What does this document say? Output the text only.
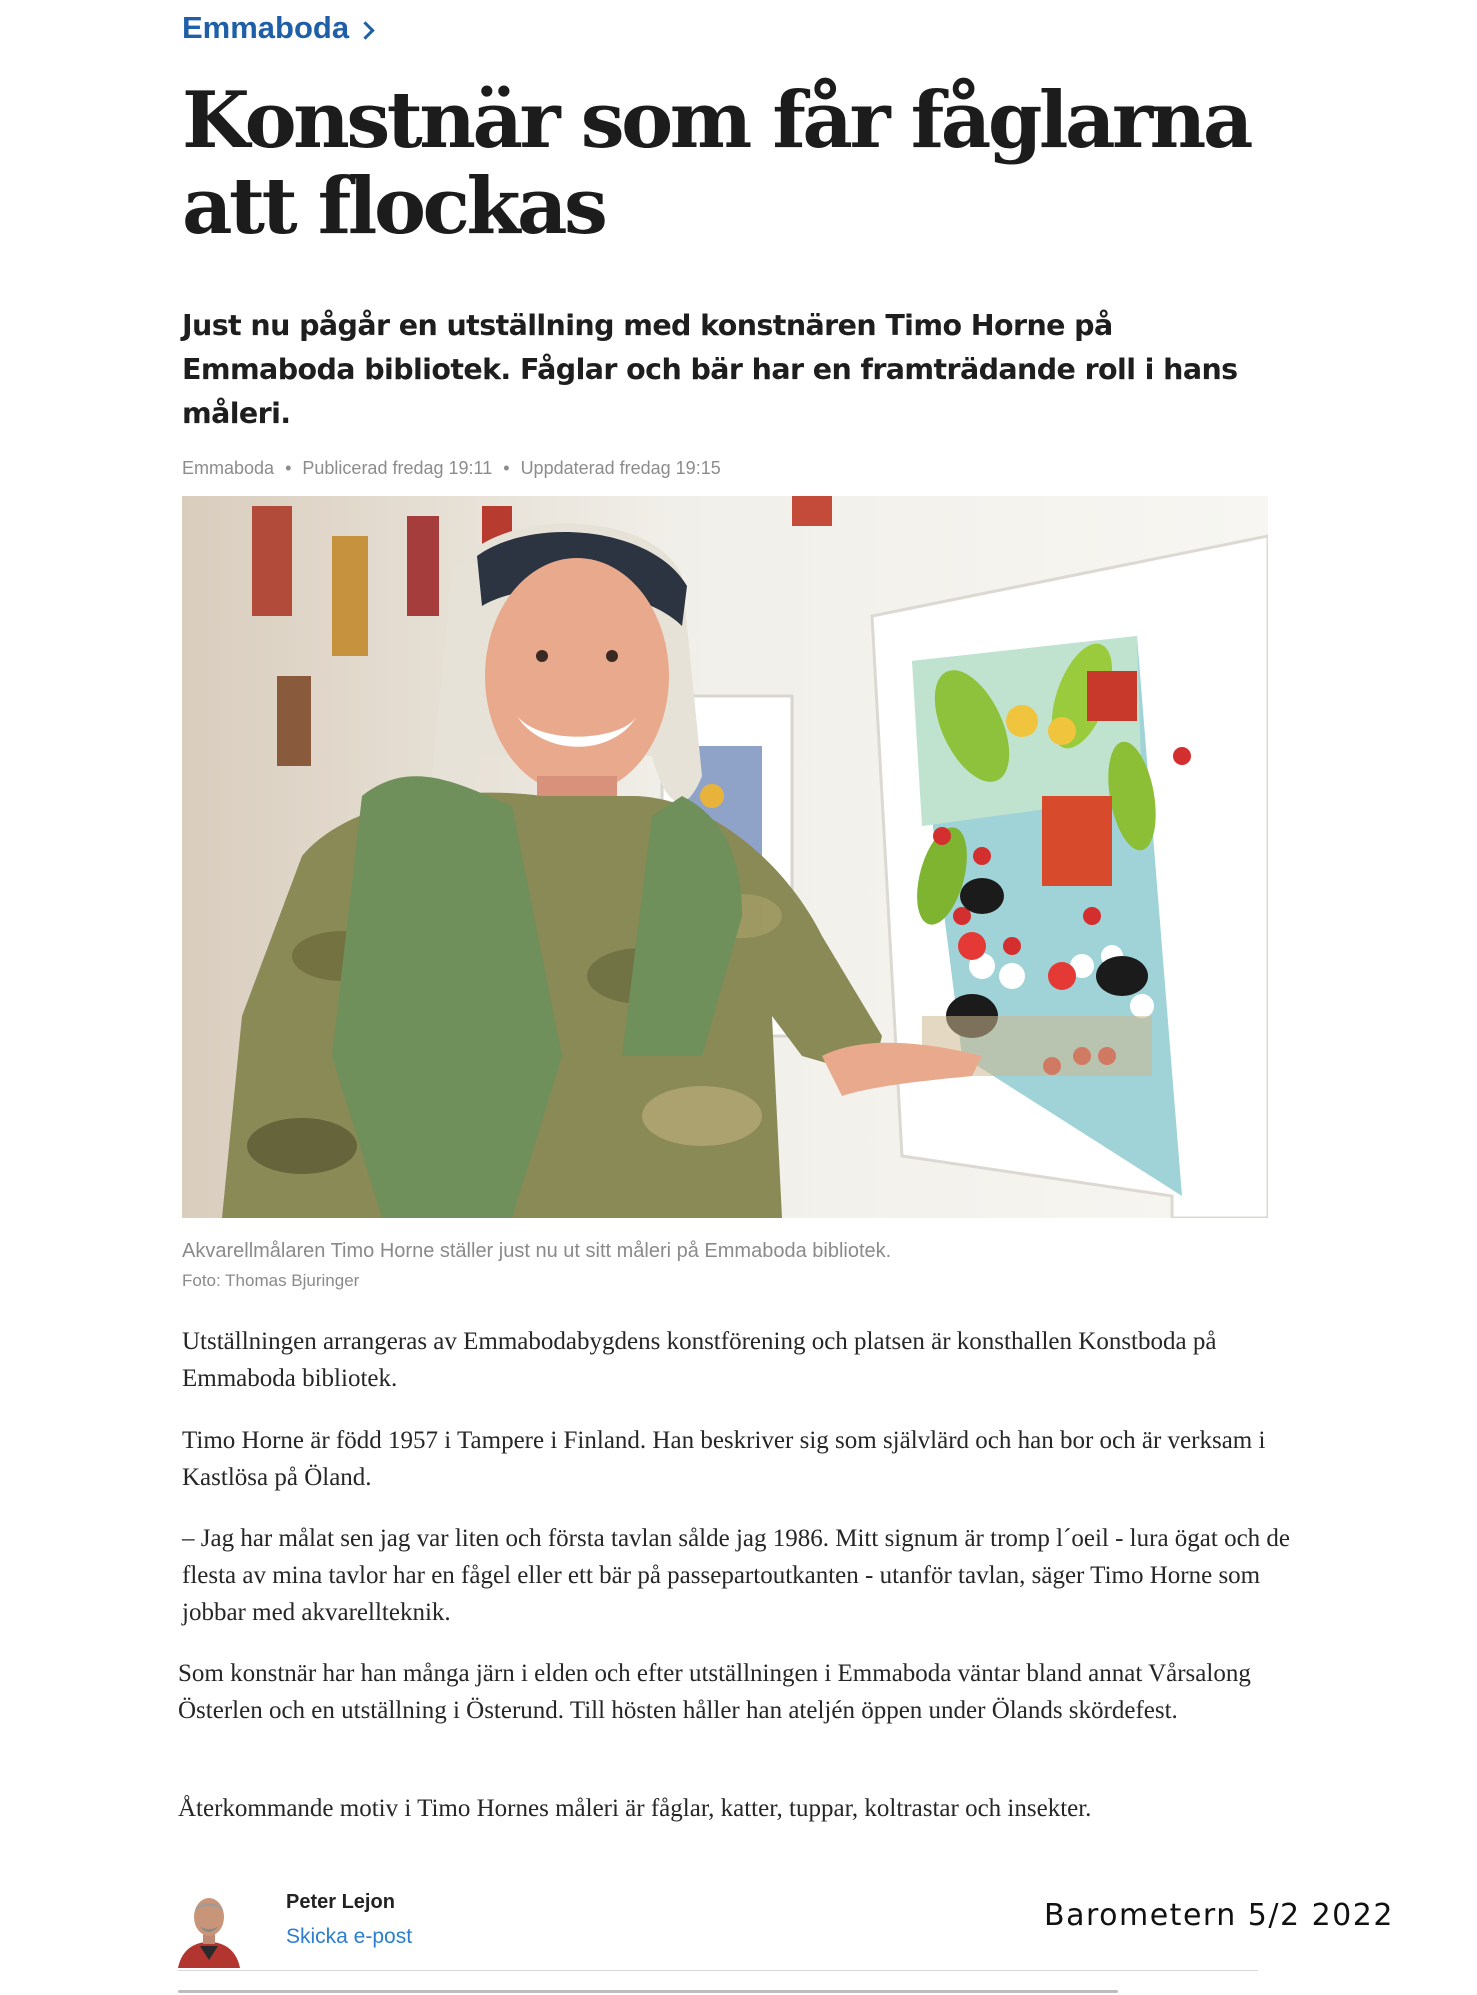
Emmaboda
Konstnär som får fåglarna att flockas

Just nu pågår en utställning med konstnären Timo Horne på Emmaboda bibliotek. Fåglar och bär har en framträdande roll i hans måleri.

Emmaboda • Publicerad fredag 19:11 • Uppdaterad fredag 19:15
Akvarellmålaren Timo Horne ställer just nu ut sitt måleri på Emmaboda bibliotek.
Foto: Thomas Bjuringer

Utställningen arrangeras av Emmabodabygdens konstförening och platsen är konsthallen Konstboda på Emmaboda bibliotek.

Timo Horne är född 1957 i Tampere i Finland. Han beskriver sig som självlärd och han bor och är verksam i Kastlösa på Öland.

– Jag har målat sen jag var liten och första tavlan sålde jag 1986. Mitt signum är tromp l´oeil - lura ögat och de flesta av mina tavlor har en fågel eller ett bär på passepartoutkanten - utanför tavlan, säger Timo Horne som jobbar med akvarellteknik.

Som konstnär har han många järn i elden och efter utställningen i Emmaboda väntar bland annat Vårsalong Österlen och en utställning i Österund. Till hösten håller han ateljén öppen under Ölands skördefest.

Återkommande motiv i Timo Hornes måleri är fåglar, katter, tuppar, koltrastar och insekter.

Peter Lejon
Skicka e-post
Barometern 5/2 2022
